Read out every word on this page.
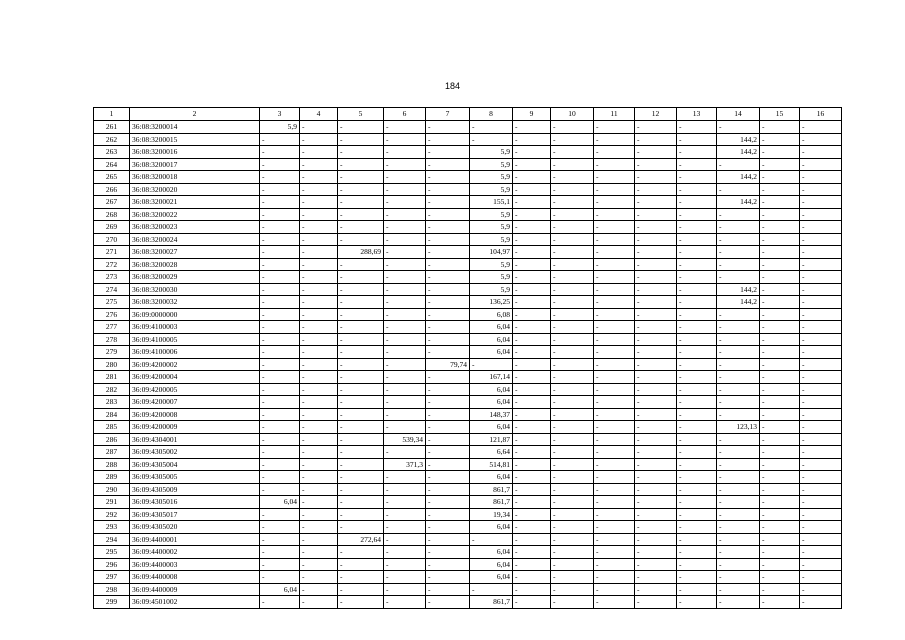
184
1	2	3	4	5	6	7	8	9	10	11	12	13	14	15	16
261	36:08:3200014	5,9	-	-	-	-	-	-	-	-	-	-	-	-	-
262	36:08:3200015	-	-	-	-	-	-	-	-	-	-	-	144,2	-	-
263	36:08:3200016	-	-	-	-	-	5,9	-	-	-	-	-	144,2	-	-
264	36:08:3200017	-	-	-	-	-	5,9	-	-	-	-	-	-	-	-
265	36:08:3200018	-	-	-	-	-	5,9	-	-	-	-	-	144,2	-	-
266	36:08:3200020	-	-	-	-	-	5,9	-	-	-	-	-	-	-	-
267	36:08:3200021	-	-	-	-	-	155,1	-	-	-	-	-	144,2	-	-
268	36:08:3200022	-	-	-	-	-	5,9	-	-	-	-	-	-	-	-
269	36:08:3200023	-	-	-	-	-	5,9	-	-	-	-	-	-	-	-
270	36:08:3200024	-	-	-	-	-	5,9	-	-	-	-	-	-	-	-
271	36:08:3200027	-	-	288,69	-	-	104,97	-	-	-	-	-	-	-	-
272	36:08:3200028	-	-	-	-	-	5,9	-	-	-	-	-	-	-	-
273	36:08:3200029	-	-	-	-	-	5,9	-	-	-	-	-	-	-	-
274	36:08:3200030	-	-	-	-	-	5,9	-	-	-	-	-	144,2	-	-
275	36:08:3200032	-	-	-	-	-	136,25	-	-	-	-	-	144,2	-	-
276	36:09:0000000	-	-	-	-	-	6,08	-	-	-	-	-	-	-	-
277	36:09:4100003	-	-	-	-	-	6,04	-	-	-	-	-	-	-	-
278	36:09:4100005	-	-	-	-	-	6,04	-	-	-	-	-	-	-	-
279	36:09:4100006	-	-	-	-	-	6,04	-	-	-	-	-	-	-	-
280	36:09:4200002	-	-	-	-	79,74	-	-	-	-	-	-	-	-	-
281	36:09:4200004	-	-	-	-	-	167,14	-	-	-	-	-	-	-	-
282	36:09:4200005	-	-	-	-	-	6,04	-	-	-	-	-	-	-	-
283	36:09:4200007	-	-	-	-	-	6,04	-	-	-	-	-	-	-	-
284	36:09:4200008	-	-	-	-	-	148,37	-	-	-	-	-	-	-	-
285	36:09:4200009	-	-	-	-	-	6,04	-	-	-	-	-	123,13	-	-
286	36:09:4304001	-	-	-	539,34	-	121,87	-	-	-	-	-	-	-	-
287	36:09:4305002	-	-	-	-	-	6,64	-	-	-	-	-	-	-	-
288	36:09:4305004	-	-	-	371,3	-	514,81	-	-	-	-	-	-	-	-
289	36:09:4305005	-	-	-	-	-	6,04	-	-	-	-	-	-	-	-
290	36:09:4305009	-	-	-	-	-	861,7	-	-	-	-	-	-	-	-
291	36:09:4305016	6,04	-	-	-	-	861,7	-	-	-	-	-	-	-	-
292	36:09:4305017	-	-	-	-	-	19,34	-	-	-	-	-	-	-	-
293	36:09:4305020	-	-	-	-	-	6,04	-	-	-	-	-	-	-	-
294	36:09:4400001	-	-	272,64	-	-	-	-	-	-	-	-	-	-	-
295	36:09:4400002	-	-	-	-	-	6,04	-	-	-	-	-	-	-	-
296	36:09:4400003	-	-	-	-	-	6,04	-	-	-	-	-	-	-	-
297	36:09:4400008	-	-	-	-	-	6,04	-	-	-	-	-	-	-	-
298	36:09:4400009	6,04	-	-	-	-	-	-	-	-	-	-	-	-	-
299	36:09:4501002	-	-	-	-	-	861,7	-	-	-	-	-	-	-	-
